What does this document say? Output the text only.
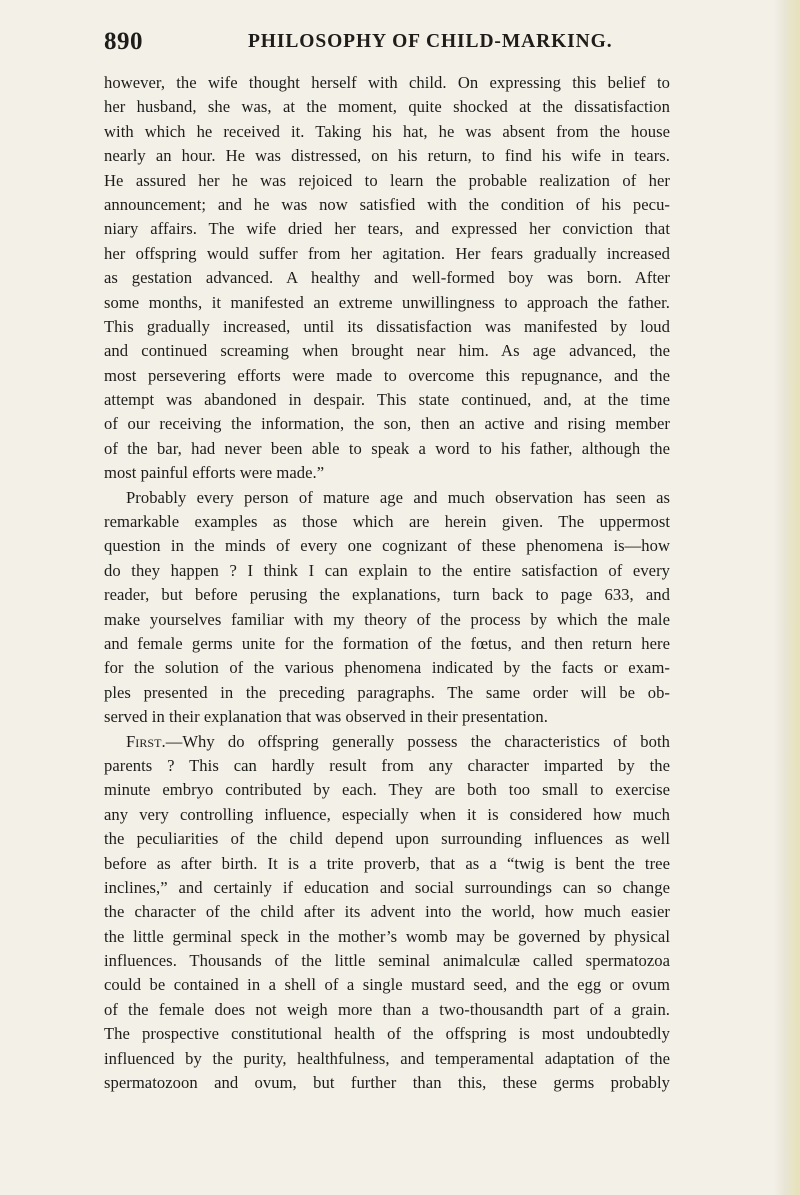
890	PHILOSOPHY OF CHILD-MARKING.
however, the wife thought herself with child. On expressing this belief to
her husband, she was, at the moment, quite shocked at the dissatisfaction
with which he received it. Taking his hat, he was absent from the house
nearly an hour. He was distressed, on his return, to find his wife in tears.
He assured her he was rejoiced to learn the probable realization of her
announcement; and he was now satisfied with the condition of his pecu-
niary affairs. The wife dried her tears, and expressed her conviction that
her offspring would suffer from her agitation. Her fears gradually increased
as gestation advanced. A healthy and well-formed boy was born. After
some months, it manifested an extreme unwillingness to approach the father.
This gradually increased, until its dissatisfaction was manifested by loud
and continued screaming when brought near him. As age advanced, the
most persevering efforts were made to overcome this repugnance, and the
attempt was abandoned in despair. This state continued, and, at the time
of our receiving the information, the son, then an active and rising member
of the bar, had never been able to speak a word to his father, although the
most painful efforts were made.”
Probably every person of mature age and much observation has seen as
remarkable examples as those which are herein given. The uppermost
question in the minds of every one cognizant of these phenomena is—how
do they happen ? I think I can explain to the entire satisfaction of every
reader, but before perusing the explanations, turn back to page 633, and
make yourselves familiar with my theory of the process by which the male
and female germs unite for the formation of the fœtus, and then return here
for the solution of the various phenomena indicated by the facts or exam-
ples presented in the preceding paragraphs. The same order will be ob-
served in their explanation that was observed in their presentation.
First.—Why do offspring generally possess the characteristics of both
parents ? This can hardly result from any character imparted by the
minute embryo contributed by each. They are both too small to exercise
any very controlling influence, especially when it is considered how much
the peculiarities of the child depend upon surrounding influences as well
before as after birth. It is a trite proverb, that as a “twig is bent the tree
inclines,” and certainly if education and social surroundings can so change
the character of the child after its advent into the world, how much easier
the little germinal speck in the mother’s womb may be governed by physical
influences. Thousands of the little seminal animalculæ called spermatozoa
could be contained in a shell of a single mustard seed, and the egg or ovum
of the female does not weigh more than a two-thousandth part of a grain.
The prospective constitutional health of the offspring is most undoubtedly
influenced by the purity, healthfulness, and temperamental adaptation of the
spermatozoon and ovum, but further than this, these germs probably
